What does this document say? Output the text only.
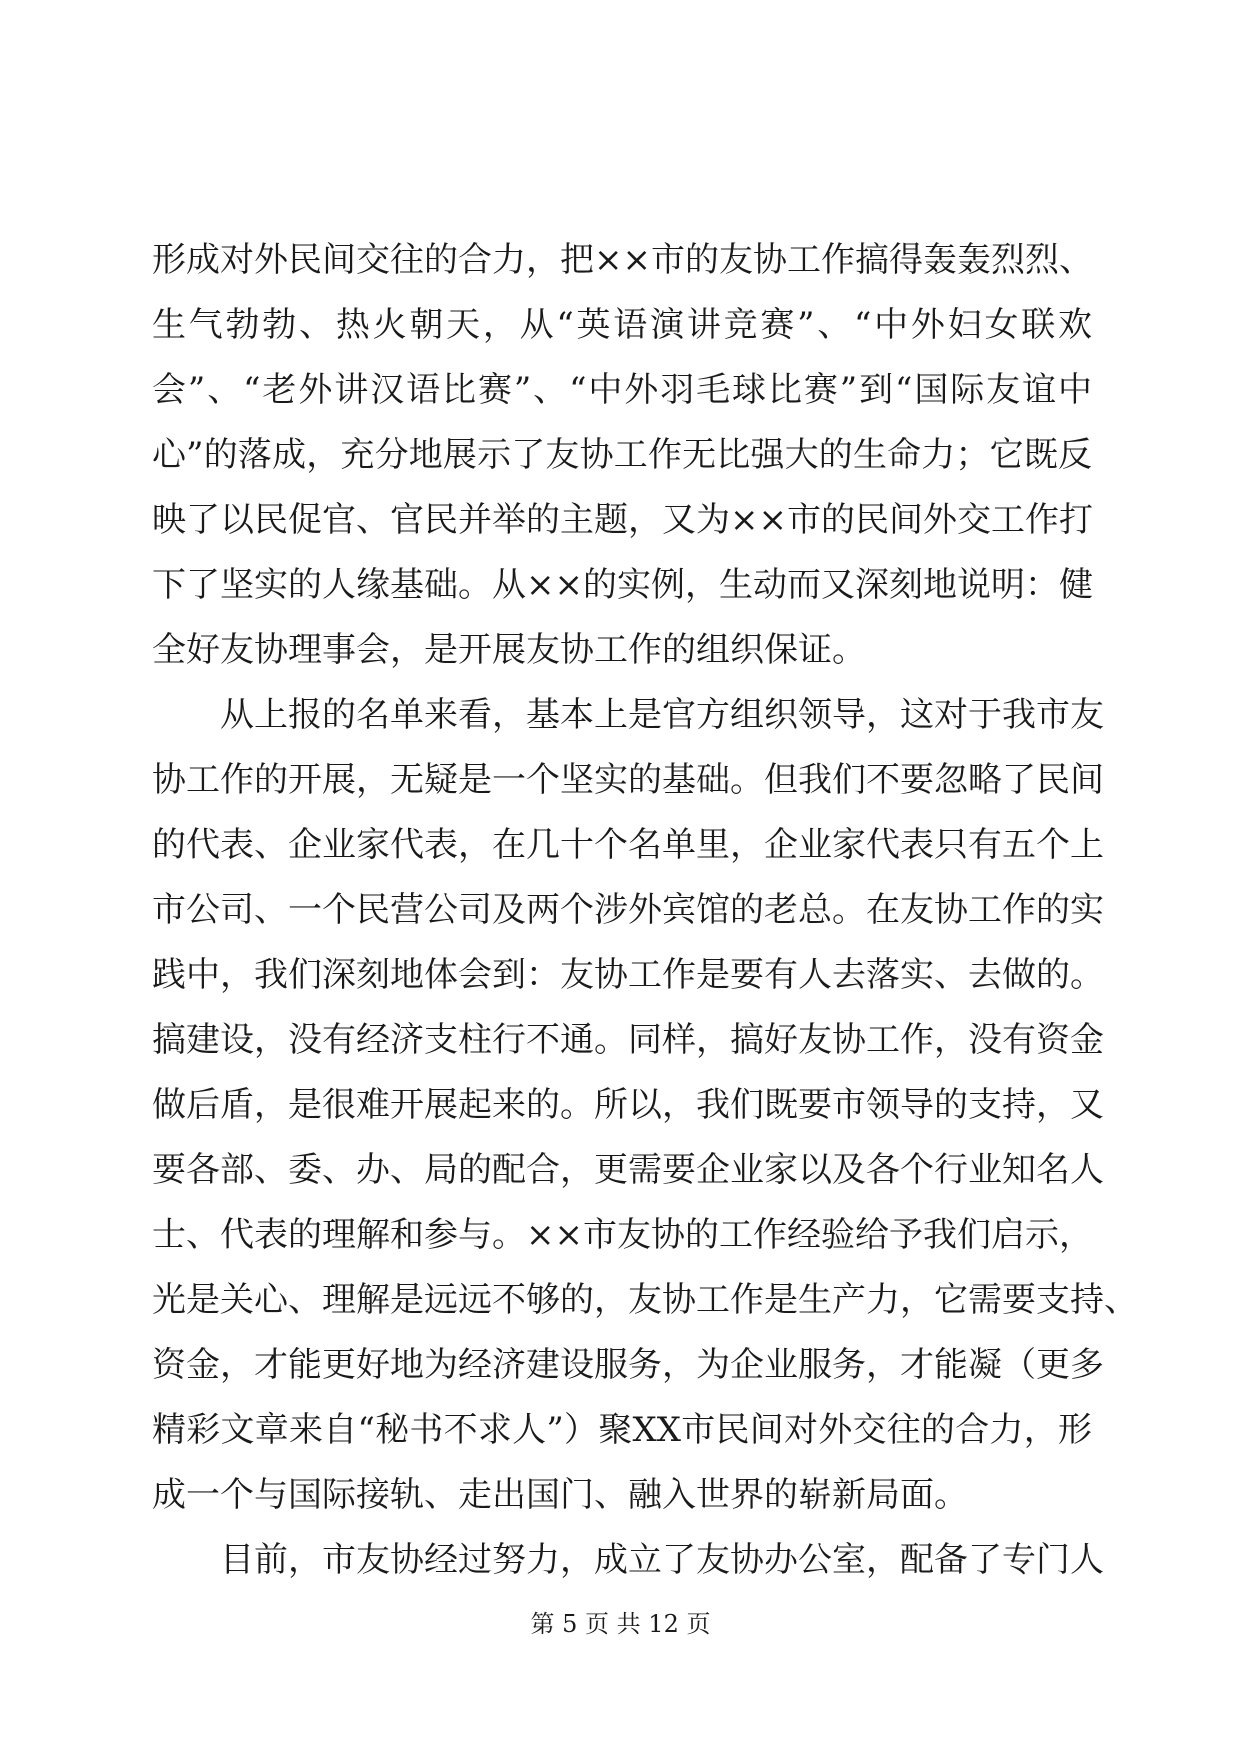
形成对外民间交往的合力，把××市的友协工作搞得轰轰烈烈、
生气勃勃、热火朝天，从“英语演讲竞赛”、“中外妇女联欢
会”、“老外讲汉语比赛”、“中外羽毛球比赛”到“国际友谊中
心”的落成，充分地展示了友协工作无比强大的生命力；它既反
映了以民促官、官民并举的主题，又为××市的民间外交工作打
下了坚实的人缘基础。从××的实例，生动而又深刻地说明：健
全好友协理事会，是开展友协工作的组织保证。
从上报的名单来看，基本上是官方组织领导，这对于我市友
协工作的开展，无疑是一个坚实的基础。但我们不要忽略了民间
的代表、企业家代表，在几十个名单里，企业家代表只有五个上
市公司、一个民营公司及两个涉外宾馆的老总。在友协工作的实
践中，我们深刻地体会到：友协工作是要有人去落实、去做的。
搞建设，没有经济支柱行不通。同样，搞好友协工作，没有资金
做后盾，是很难开展起来的。所以，我们既要市领导的支持，又
要各部、委、办、局的配合，更需要企业家以及各个行业知名人
士、代表的理解和参与。××市友协的工作经验给予我们启示，
光是关心、理解是远远不够的，友协工作是生产力，它需要支持、
资金，才能更好地为经济建设服务，为企业服务，才能凝（更多
精彩文章来自“秘书不求人”）聚XX市民间对外交往的合力，形
成一个与国际接轨、走出国门、融入世界的崭新局面。
目前，市友协经过努力，成立了友协办公室，配备了专门人
第 5 页 共 12 页
